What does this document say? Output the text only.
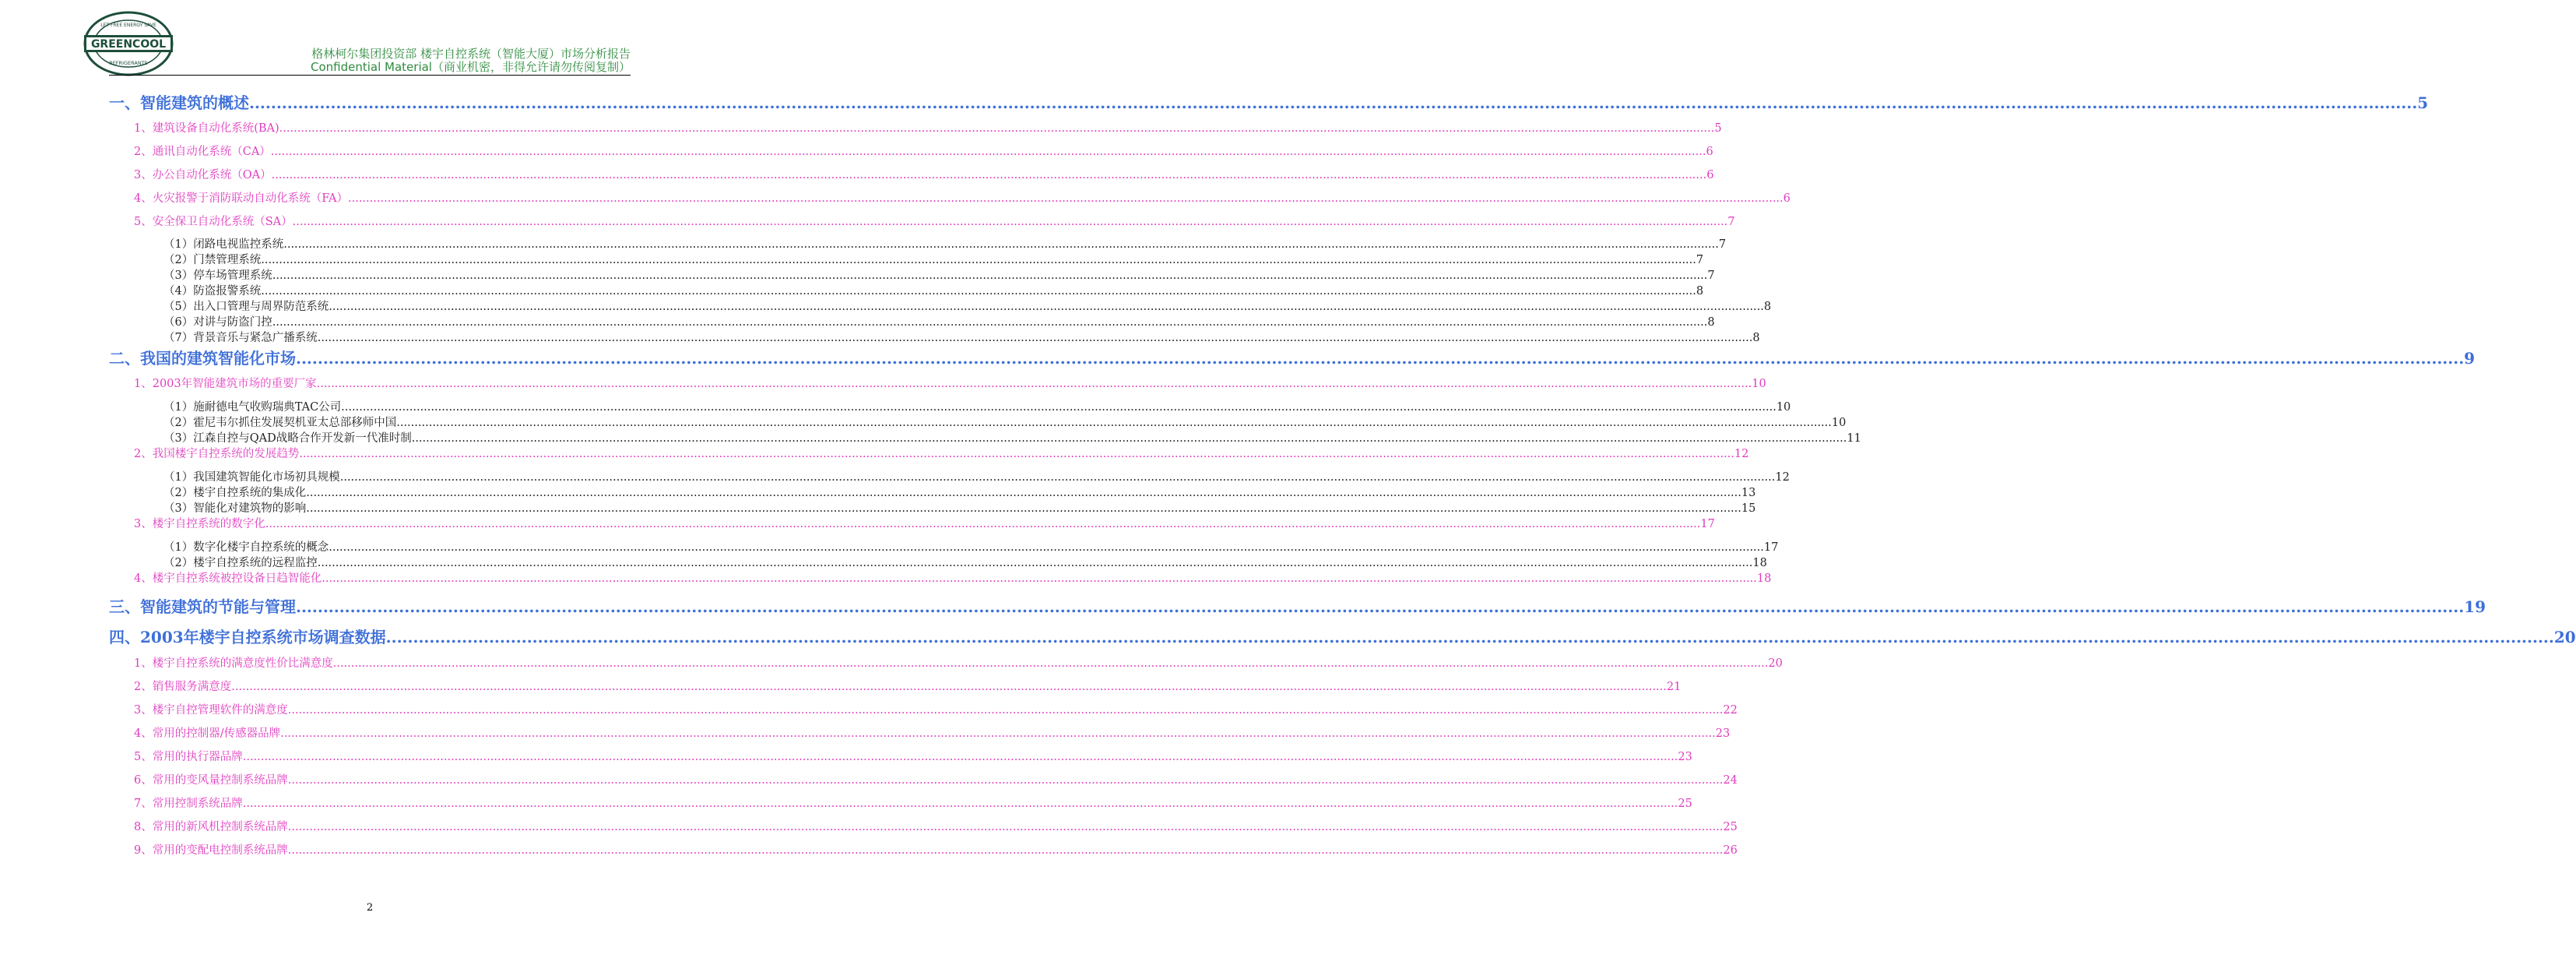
GREENCOOL
LET FREE ENERGY SAVE
REFRIGERANTS
格林柯尔集团投资部 楼宇自控系统（智能大厦）市场分析报告
Confidential Material（商业机密，非得允许请勿传阅复制）
一、智能建筑的概述 ................................................................................................................................................................................................................................................................................................................................................................................................................ 5
1、建筑设备自动化系统(BA) ................................................................................................................................................................................................................................................................................................................................................................................................................ 5
2、通讯自动化系统（CA） ................................................................................................................................................................................................................................................................................................................................................................................................................ 6
3、办公自动化系统（OA） ................................................................................................................................................................................................................................................................................................................................................................................................................ 6
4、火灾报警于消防联动自动化系统（FA） ................................................................................................................................................................................................................................................................................................................................................................................................................ 6
5、安全保卫自动化系统（SA） ................................................................................................................................................................................................................................................................................................................................................................................................................ 7
（1）闭路电视监控系统 ................................................................................................................................................................................................................................................................................................................................................................................................................ 7
（2）门禁管理系统 ................................................................................................................................................................................................................................................................................................................................................................................................................ 7
（3）停车场管理系统 ................................................................................................................................................................................................................................................................................................................................................................................................................ 7
（4）防盗报警系统 ................................................................................................................................................................................................................................................................................................................................................................................................................ 8
（5）出入口管理与周界防范系统 ................................................................................................................................................................................................................................................................................................................................................................................................................ 8
（6）对讲与防盗门控 ................................................................................................................................................................................................................................................................................................................................................................................................................ 8
（7）背景音乐与紧急广播系统 ................................................................................................................................................................................................................................................................................................................................................................................................................ 8
二、我国的建筑智能化市场 ................................................................................................................................................................................................................................................................................................................................................................................................................ 9
1、2003年智能建筑市场的重要厂家 ................................................................................................................................................................................................................................................................................................................................................................................................................ 10
（1）施耐德电气收购瑞典TAC公司 ................................................................................................................................................................................................................................................................................................................................................................................................................ 10
（2）霍尼韦尔抓住发展契机亚太总部移师中国 ................................................................................................................................................................................................................................................................................................................................................................................................................ 10
（3）江森自控与QAD战略合作开发新一代准时制 ................................................................................................................................................................................................................................................................................................................................................................................................................ 11
2、我国楼宇自控系统的发展趋势 ................................................................................................................................................................................................................................................................................................................................................................................................................ 12
（1）我国建筑智能化市场初具规模 ................................................................................................................................................................................................................................................................................................................................................................................................................ 12
（2）楼宇自控系统的集成化 ................................................................................................................................................................................................................................................................................................................................................................................................................ 13
（3）智能化对建筑物的影响 ................................................................................................................................................................................................................................................................................................................................................................................................................ 15
3、楼宇自控系统的数字化 ................................................................................................................................................................................................................................................................................................................................................................................................................ 17
（1）数字化楼宇自控系统的概念 ................................................................................................................................................................................................................................................................................................................................................................................................................ 17
（2）楼宇自控系统的远程监控 ................................................................................................................................................................................................................................................................................................................................................................................................................ 18
4、楼宇自控系统被控设备日趋智能化 ................................................................................................................................................................................................................................................................................................................................................................................................................ 18
三、智能建筑的节能与管理 ................................................................................................................................................................................................................................................................................................................................................................................................................ 19
四、2003年楼宇自控系统市场调查数据 ................................................................................................................................................................................................................................................................................................................................................................................................................ 20
1、楼宇自控系统的满意度性价比满意度 ................................................................................................................................................................................................................................................................................................................................................................................................................ 20
2、销售服务满意度 ................................................................................................................................................................................................................................................................................................................................................................................................................ 21
3、楼宇自控管理软件的满意度 ................................................................................................................................................................................................................................................................................................................................................................................................................ 22
4、常用的控制器/传感器品牌 ................................................................................................................................................................................................................................................................................................................................................................................................................ 23
5、常用的执行器品牌 ................................................................................................................................................................................................................................................................................................................................................................................................................ 23
6、常用的变风量控制系统品牌 ................................................................................................................................................................................................................................................................................................................................................................................................................ 24
7、常用控制系统品牌 ................................................................................................................................................................................................................................................................................................................................................................................................................ 25
8、常用的新风机控制系统品牌 ................................................................................................................................................................................................................................................................................................................................................................................................................ 25
9、常用的变配电控制系统品牌 ................................................................................................................................................................................................................................................................................................................................................................................................................ 26
2
